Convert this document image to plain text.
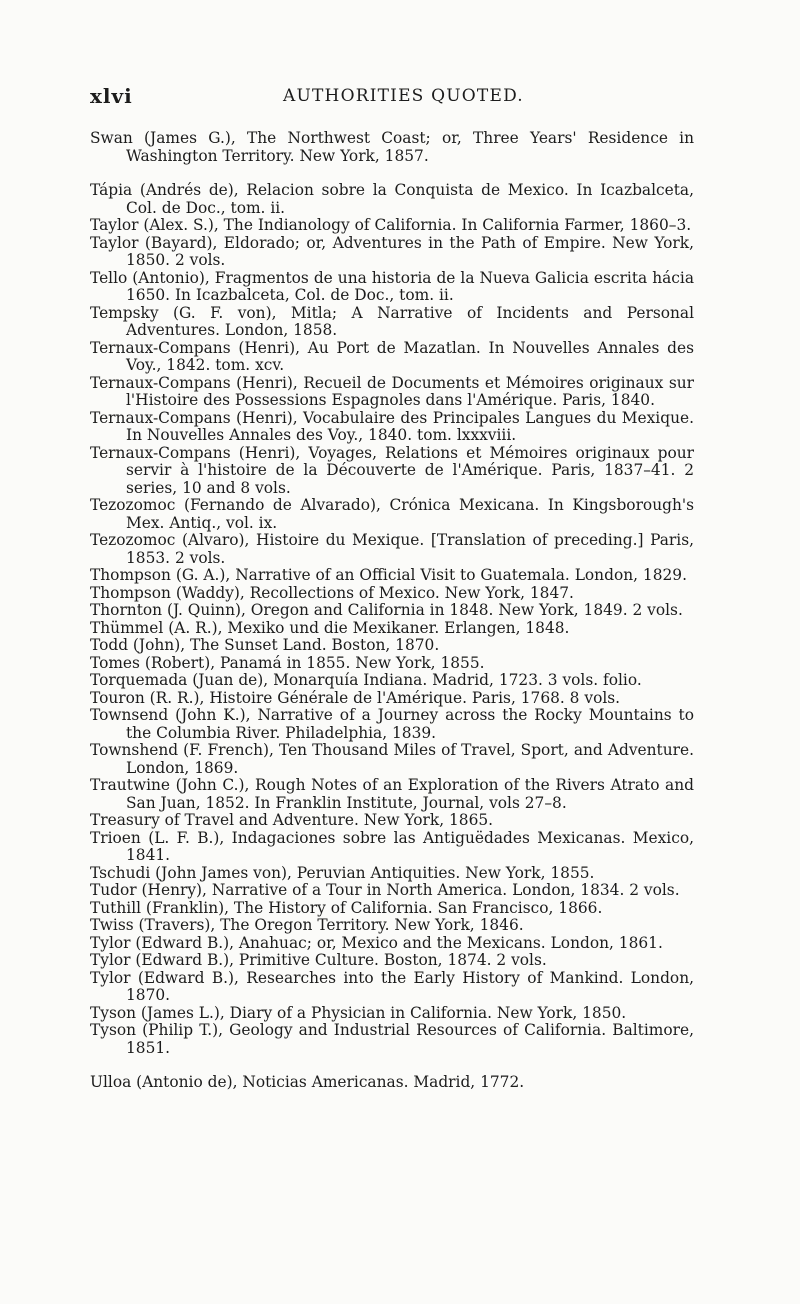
xlvi	AUTHORITIES QUOTED.
Swan (James G.), The Northwest Coast; or, Three Years' Residence in Washington Territory. New York, 1857.
Tápia (Andrés de), Relacion sobre la Conquista de Mexico. In Icazbalceta, Col. de Doc., tom. ii.
Taylor (Alex. S.), The Indianology of California. In California Farmer, 1860–3.
Taylor (Bayard), Eldorado; or, Adventures in the Path of Empire. New York, 1850. 2 vols.
Tello (Antonio), Fragmentos de una historia de la Nueva Galicia escrita hácia 1650. In Icazbalceta, Col. de Doc., tom. ii.
Tempsky (G. F. von), Mitla; A Narrative of Incidents and Personal Adventures. London, 1858.
Ternaux-Compans (Henri), Au Port de Mazatlan. In Nouvelles Annales des Voy., 1842. tom. xcv.
Ternaux-Compans (Henri), Recueil de Documents et Mémoires originaux sur l'Histoire des Possessions Espagnoles dans l'Amérique. Paris, 1840.
Ternaux-Compans (Henri), Vocabulaire des Principales Langues du Mexique. In Nouvelles Annales des Voy., 1840. tom. lxxxviii.
Ternaux-Compans (Henri), Voyages, Relations et Mémoires originaux pour servir à l'histoire de la Découverte de l'Amérique. Paris, 1837–41. 2 series, 10 and 8 vols.
Tezozomoc (Fernando de Alvarado), Crónica Mexicana. In Kingsborough's Mex. Antiq., vol. ix.
Tezozomoc (Alvaro), Histoire du Mexique. [Translation of preceding.] Paris, 1853. 2 vols.
Thompson (G. A.), Narrative of an Official Visit to Guatemala. London, 1829.
Thompson (Waddy), Recollections of Mexico. New York, 1847.
Thornton (J. Quinn), Oregon and California in 1848. New York, 1849. 2 vols.
Thümmel (A. R.), Mexiko und die Mexikaner. Erlangen, 1848.
Todd (John), The Sunset Land. Boston, 1870.
Tomes (Robert), Panamá in 1855. New York, 1855.
Torquemada (Juan de), Monarquía Indiana. Madrid, 1723. 3 vols. folio.
Touron (R. R.), Histoire Générale de l'Amérique. Paris, 1768. 8 vols.
Townsend (John K.), Narrative of a Journey across the Rocky Mountains to the Columbia River. Philadelphia, 1839.
Townshend (F. French), Ten Thousand Miles of Travel, Sport, and Adventure. London, 1869.
Trautwine (John C.), Rough Notes of an Exploration of the Rivers Atrato and San Juan, 1852. In Franklin Institute, Journal, vols 27–8.
Treasury of Travel and Adventure. New York, 1865.
Trioen (L. F. B.), Indagaciones sobre las Antiguëdades Mexicanas. Mexico, 1841.
Tschudi (John James von), Peruvian Antiquities. New York, 1855.
Tudor (Henry), Narrative of a Tour in North America. London, 1834. 2 vols.
Tuthill (Franklin), The History of California. San Francisco, 1866.
Twiss (Travers), The Oregon Territory. New York, 1846.
Tylor (Edward B.), Anahuac; or, Mexico and the Mexicans. London, 1861.
Tylor (Edward B.), Primitive Culture. Boston, 1874. 2 vols.
Tylor (Edward B.), Researches into the Early History of Mankind. London, 1870.
Tyson (James L.), Diary of a Physician in California. New York, 1850.
Tyson (Philip T.), Geology and Industrial Resources of California. Baltimore, 1851.
Ulloa (Antonio de), Noticias Americanas. Madrid, 1772.
